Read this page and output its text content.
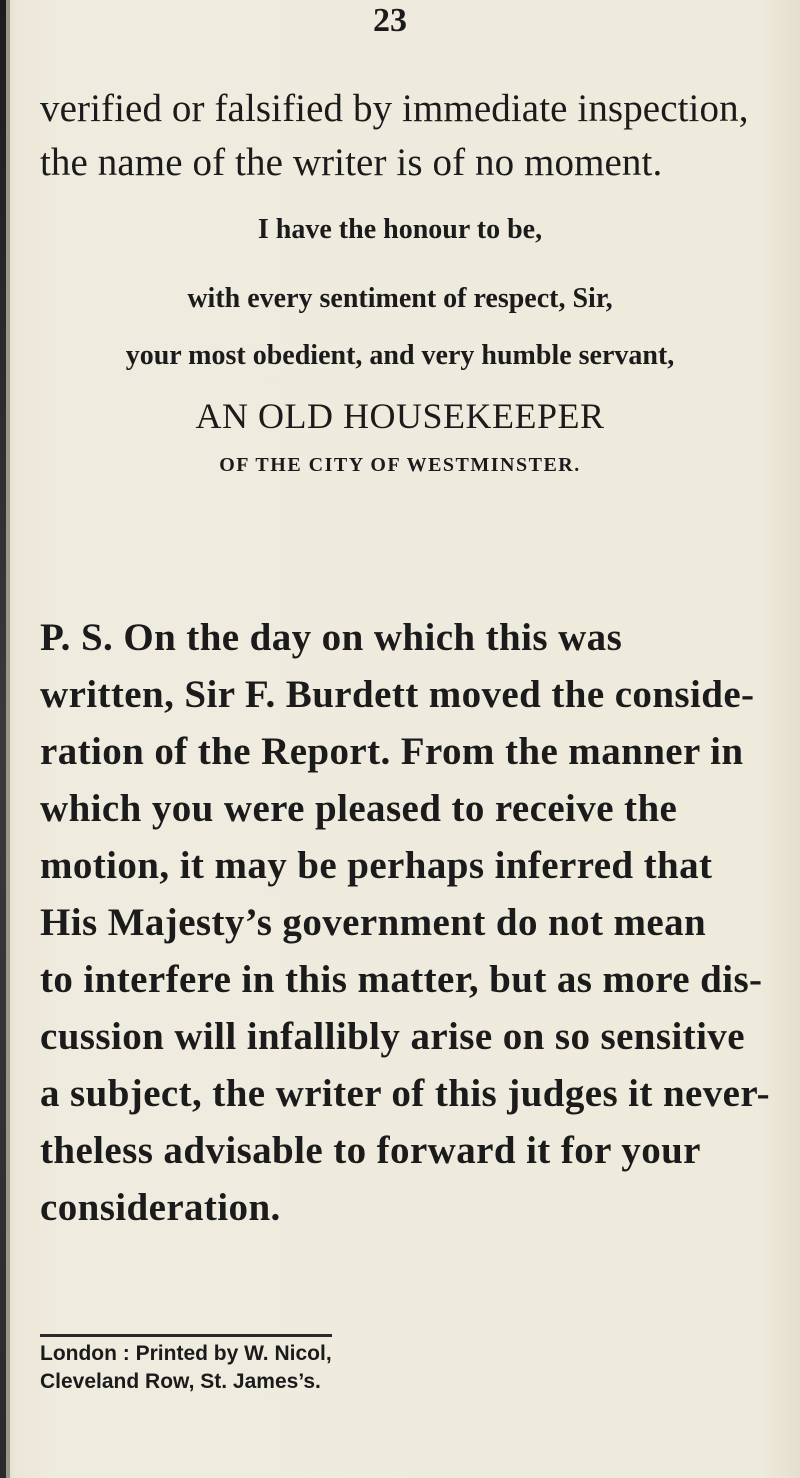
23
verified or falsified by immediate inspection,
the name of the writer is of no moment.
I have the honour to be,
with every sentiment of respect, Sir,
your most obedient, and very humble servant,
AN OLD HOUSEKEEPER
OF THE CITY OF WESTMINSTER.
P. S. On the day on which this was
written, Sir F. Burdett moved the conside-
ration of the Report. From the manner in
which you were pleased to receive the
motion, it may be perhaps inferred that
His Majesty’s government do not mean
to interfere in this matter, but as more dis-
cussion will infallibly arise on so sensitive
a subject, the writer of this judges it never-
theless advisable to forward it for your
consideration.
London : Printed by W. Nicol,
Cleveland Row, St. James’s.
